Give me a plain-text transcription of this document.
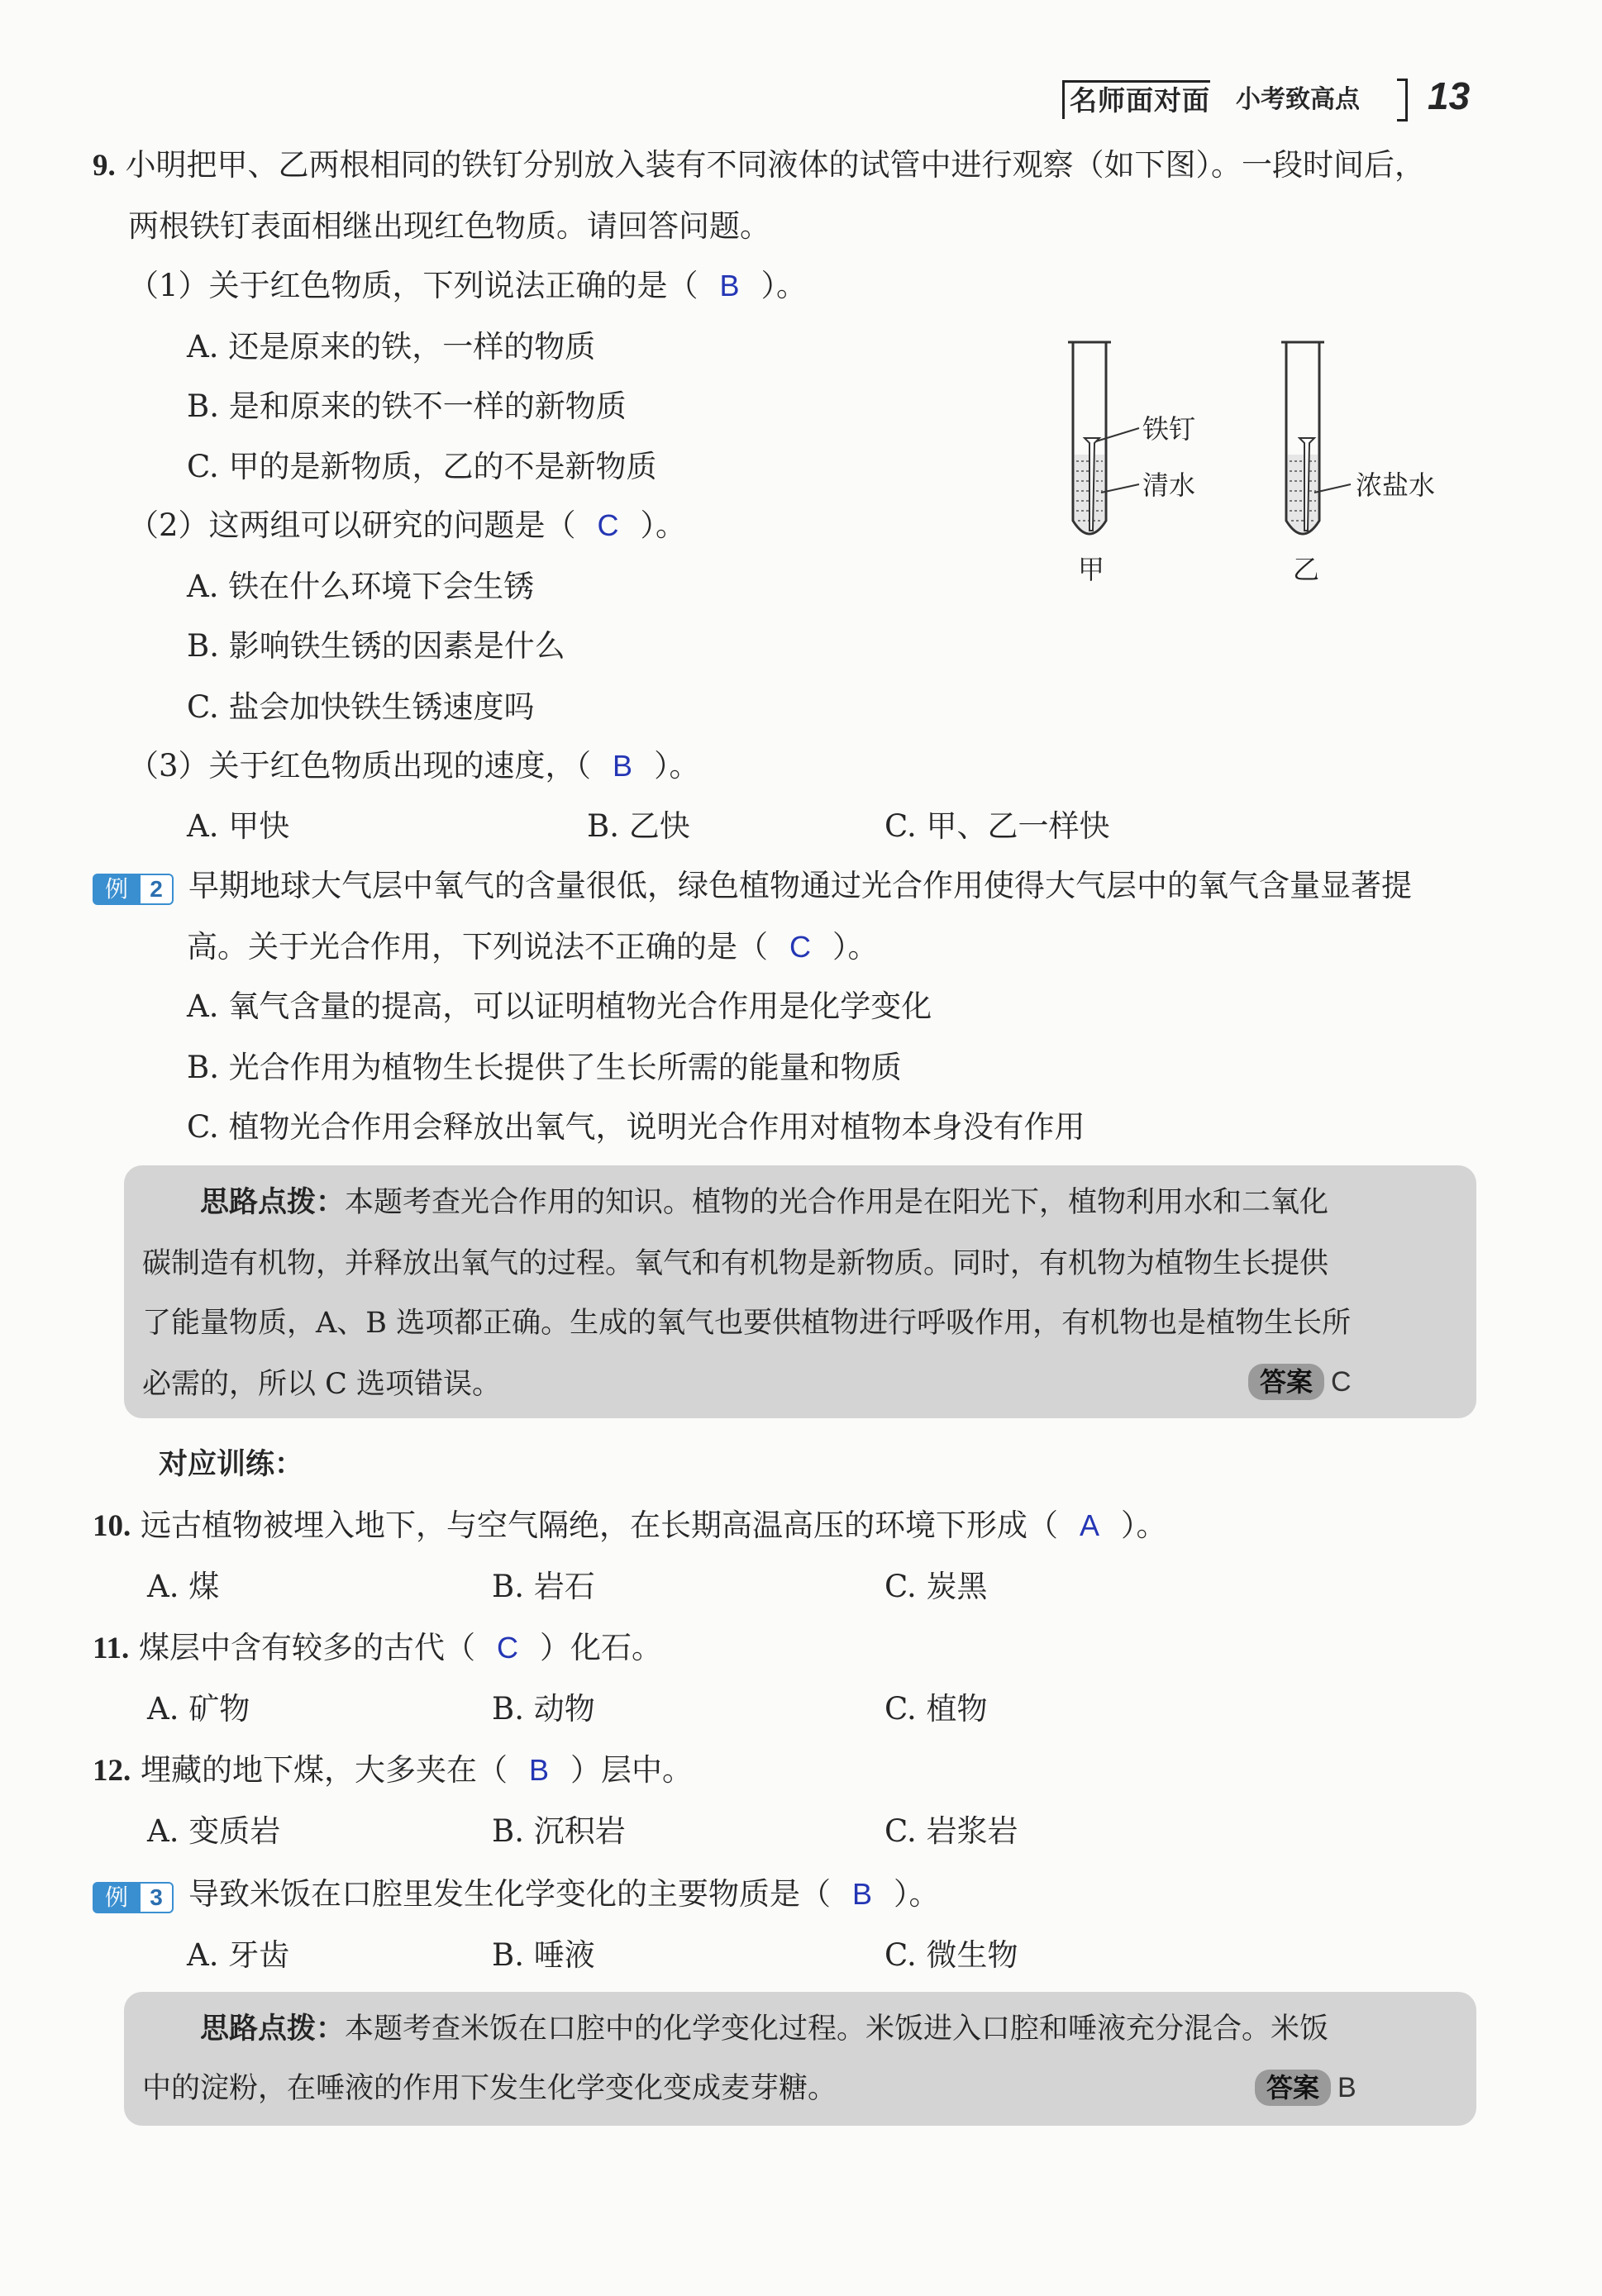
名师面对面 小考致高点 13
9. 小明把甲、乙两根相同的铁钉分别放入装有不同液体的试管中进行观察（如下图）。一段时间后，
两根铁钉表面相继出现红色物质。请回答问题。
（1）关于红色物质，下列说法正确的是（ B ）。
A. 还是原来的铁，一样的物质
B. 是和原来的铁不一样的新物质
C. 甲的是新物质，乙的不是新物质
（2）这两组可以研究的问题是（ C ）。
A. 铁在什么环境下会生锈
B. 影响铁生锈的因素是什么
C. 盐会加快铁生锈速度吗
（3）关于红色物质出现的速度，（ B ）。
A. 甲快	B. 乙快	C. 甲、乙一样快
铁钉
清水
甲
浓盐水
乙
例 2 早期地球大气层中氧气的含量很低，绿色植物通过光合作用使得大气层中的氧气含量显著提
高。关于光合作用，下列说法不正确的是（ C ）。
A. 氧气含量的提高，可以证明植物光合作用是化学变化
B. 光合作用为植物生长提供了生长所需的能量和物质
C. 植物光合作用会释放出氧气，说明光合作用对植物本身没有作用
思路点拨：本题考查光合作用的知识。植物的光合作用是在阳光下，植物利用水和二氧化
碳制造有机物，并释放出氧气的过程。氧气和有机物是新物质。同时，有机物为植物生长提供
了能量物质，A、B 选项都正确。生成的氧气也要供植物进行呼吸作用，有机物也是植物生长所
必需的，所以 C 选项错误。	答案 C
对应训练：
10. 远古植物被埋入地下，与空气隔绝，在长期高温高压的环境下形成（ A ）。
A. 煤	B. 岩石	C. 炭黑
11. 煤层中含有较多的古代（ C ）化石。
A. 矿物	B. 动物	C. 植物
12. 埋藏的地下煤，大多夹在（ B ）层中。
A. 变质岩	B. 沉积岩	C. 岩浆岩
例 3 导致米饭在口腔里发生化学变化的主要物质是（ B ）。
A. 牙齿	B. 唾液	C. 微生物
思路点拨：本题考查米饭在口腔中的化学变化过程。米饭进入口腔和唾液充分混合。米饭
中的淀粉，在唾液的作用下发生化学变化变成麦芽糖。	答案 B
